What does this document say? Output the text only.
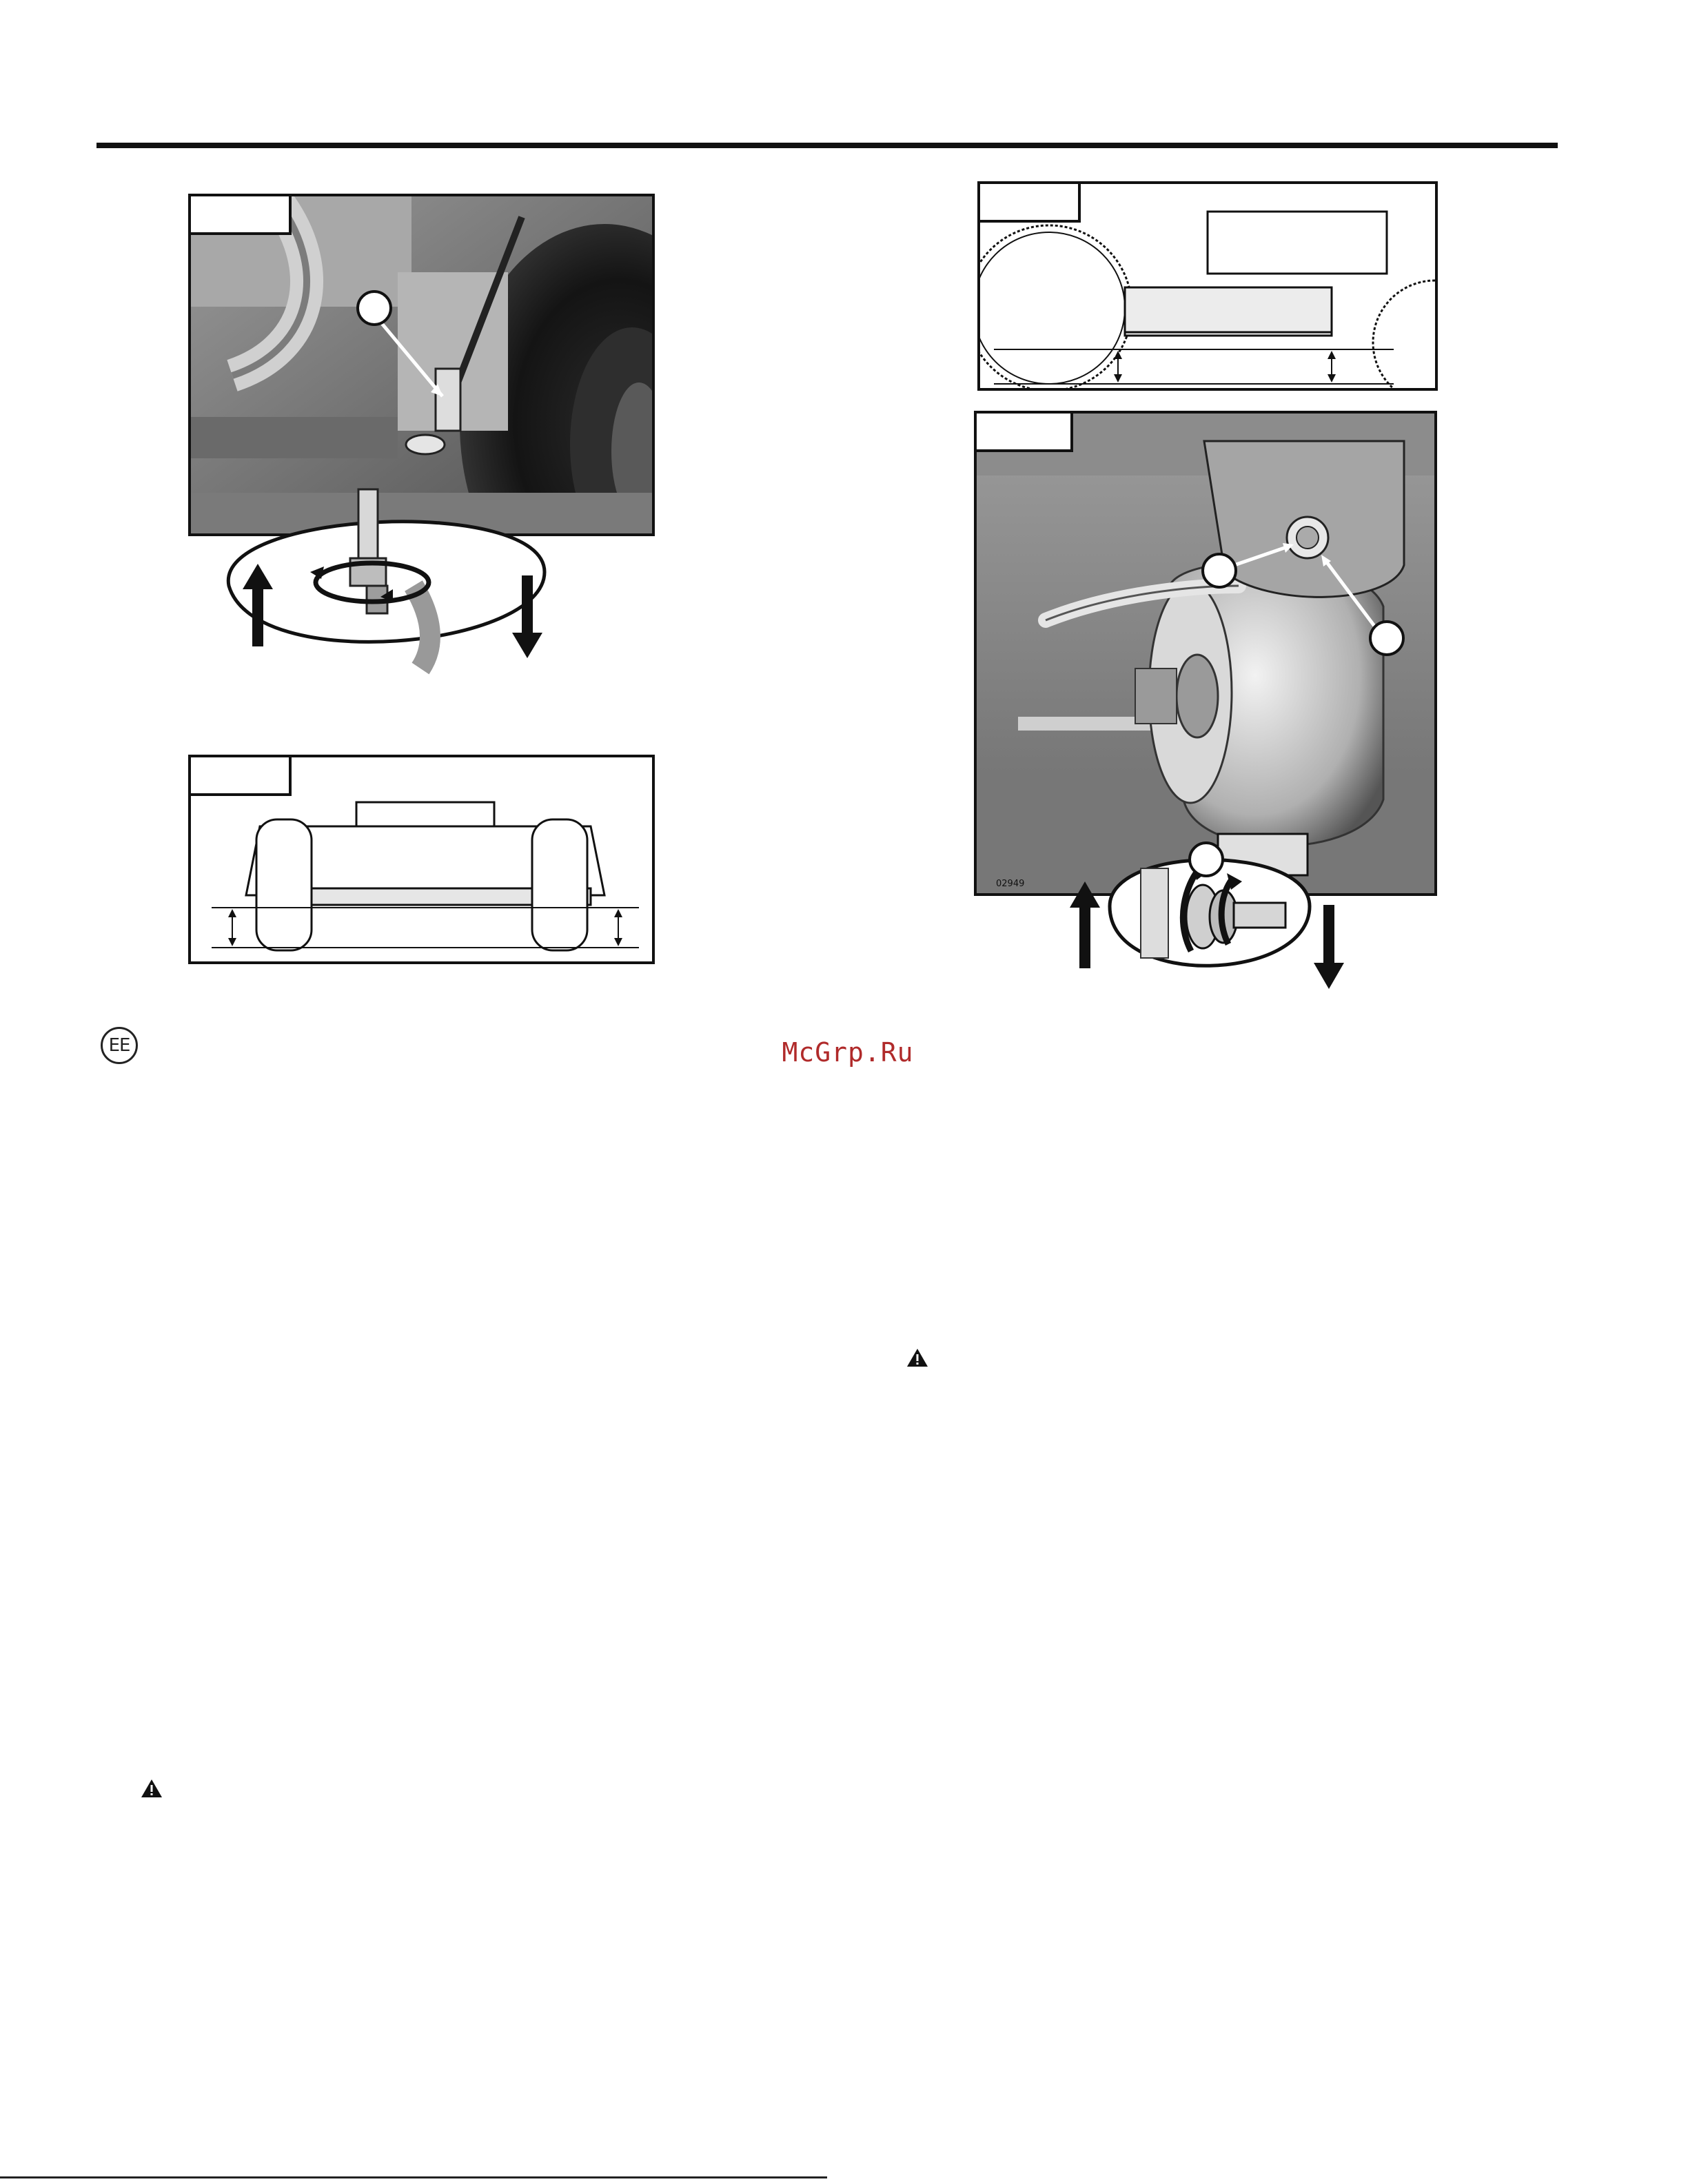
02949
EE	McGrp.Ru
